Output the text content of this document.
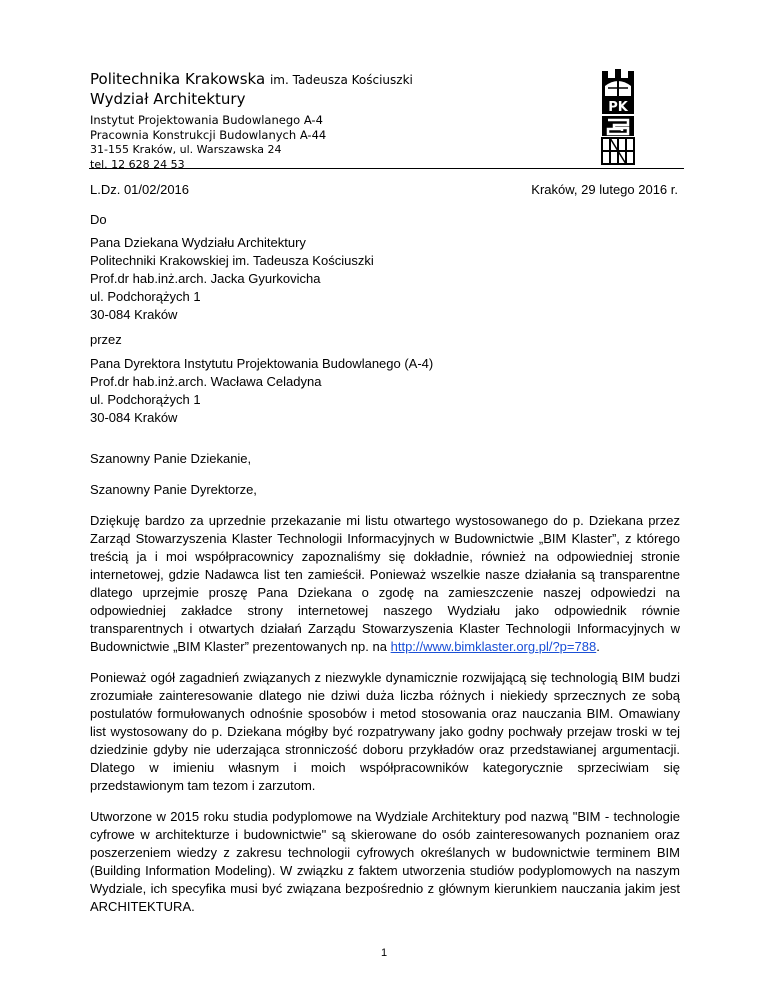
Politechnika Krakowska im. Tadeusza Kościuszki
Wydział Architektury
Instytut Projektowania Budowlanego A-4
Pracownia Konstrukcji Budowlanych A-44
31-155 Kraków, ul. Warszawska 24
tel. 12 628 24 53
PK
L.Dz. 01/02/2016	Kraków, 29 lutego 2016 r.
Do
Pana Dziekana Wydziału Architektury
Politechniki Krakowskiej im. Tadeusza Kościuszki
Prof.dr hab.inż.arch. Jacka Gyurkovicha
ul. Podchorążych 1
30-084 Kraków
przez
Pana Dyrektora Instytutu Projektowania Budowlanego (A-4)
Prof.dr hab.inż.arch. Wacława Celadyna
ul. Podchorążych 1
30-084 Kraków
Szanowny Panie Dziekanie,
Szanowny Panie Dyrektorze,
Dziękuję bardzo za uprzednie przekazanie mi listu otwartego wystosowanego do p. Dziekana przez Zarząd Stowarzyszenia Klaster Technologii Informacyjnych w Budownictwie „BIM Klaster”, z którego treścią ja i moi współpracownicy zapoznaliśmy się dokładnie, również na odpowiedniej stronie internetowej, gdzie Nadawca list ten zamieścił. Ponieważ wszelkie nasze działania są transparentne dlatego uprzejmie proszę Pana Dziekana o zgodę na zamieszczenie naszej odpowiedzi na odpowiedniej zakładce strony internetowej naszego Wydziału jako odpowiednik równie transparentnych i otwartych działań Zarządu Stowarzyszenia Klaster Technologii Informacyjnych w Budownictwie „BIM Klaster” prezentowanych np. na http://www.bimklaster.org.pl/?p=788.
Ponieważ ogół zagadnień związanych z niezwykle dynamicznie rozwijającą się technologią BIM budzi zrozumiałe zainteresowanie dlatego nie dziwi duża liczba różnych i niekiedy sprzecznych ze sobą postulatów formułowanych odnośnie sposobów i metod stosowania oraz nauczania BIM. Omawiany list wystosowany do p. Dziekana mógłby być rozpatrywany jako godny pochwały przejaw troski w tej dziedzinie gdyby nie uderzająca stronniczość doboru przykładów oraz przedstawianej argumentacji. Dlatego w imieniu własnym i moich współpracowników kategorycznie sprzeciwiam się przedstawionym tam tezom i zarzutom.
Utworzone w 2015 roku studia podyplomowe na Wydziale Architektury pod nazwą "BIM - technologie cyfrowe w architekturze i budownictwie" są skierowane do osób zainteresowanych poznaniem oraz poszerzeniem wiedzy z zakresu technologii cyfrowych określanych w budownictwie terminem BIM (Building Information Modeling). W związku z faktem utworzenia studiów podyplomowych na naszym Wydziale, ich specyfika musi być związana bezpośrednio z głównym kierunkiem nauczania jakim jest ARCHITEKTURA.
1
